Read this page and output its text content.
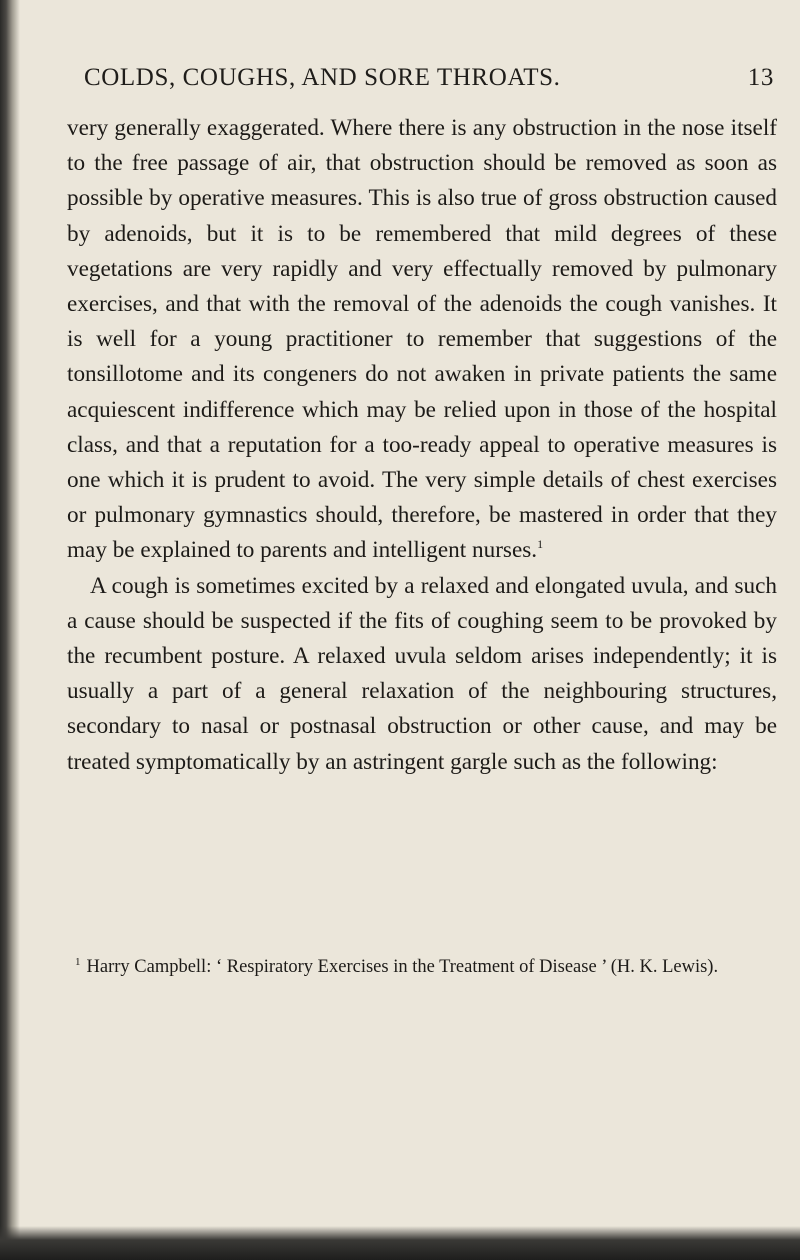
COLDS, COUGHS, AND SORE THROATS.	13

very generally exaggerated. Where there is any obstruction in the nose itself to the free passage of air, that obstruction should be removed as soon as possible by operative measures. This is also true of gross obstruction caused by adenoids, but it is to be remembered that mild degrees of these vegetations are very rapidly and very effectually removed by pulmonary exercises, and that with the removal of the adenoids the cough vanishes. It is well for a young practitioner to remember that suggestions of the tonsillotome and its congeners do not awaken in private patients the same acquiescent indifference which may be relied upon in those of the hospital class, and that a reputation for a too-ready appeal to operative measures is one which it is prudent to avoid. The very simple details of chest exercises or pulmonary gymnastics should, therefore, be mastered in order that they may be explained to parents and intelligent nurses.$^1$

A cough is sometimes excited by a relaxed and elongated uvula, and such a cause should be suspected if the fits of coughing seem to be provoked by the recumbent posture. A relaxed uvula seldom arises independently; it is usually a part of a general relaxation of the neighbouring structures, secondary to nasal or postnasal obstruction or other cause, and may be treated symptomatically by an astringent gargle such as the following:

$^1$ Harry Campbell: ‘ Respiratory Exercises in the Treatment of Disease ’ (H. K. Lewis).
